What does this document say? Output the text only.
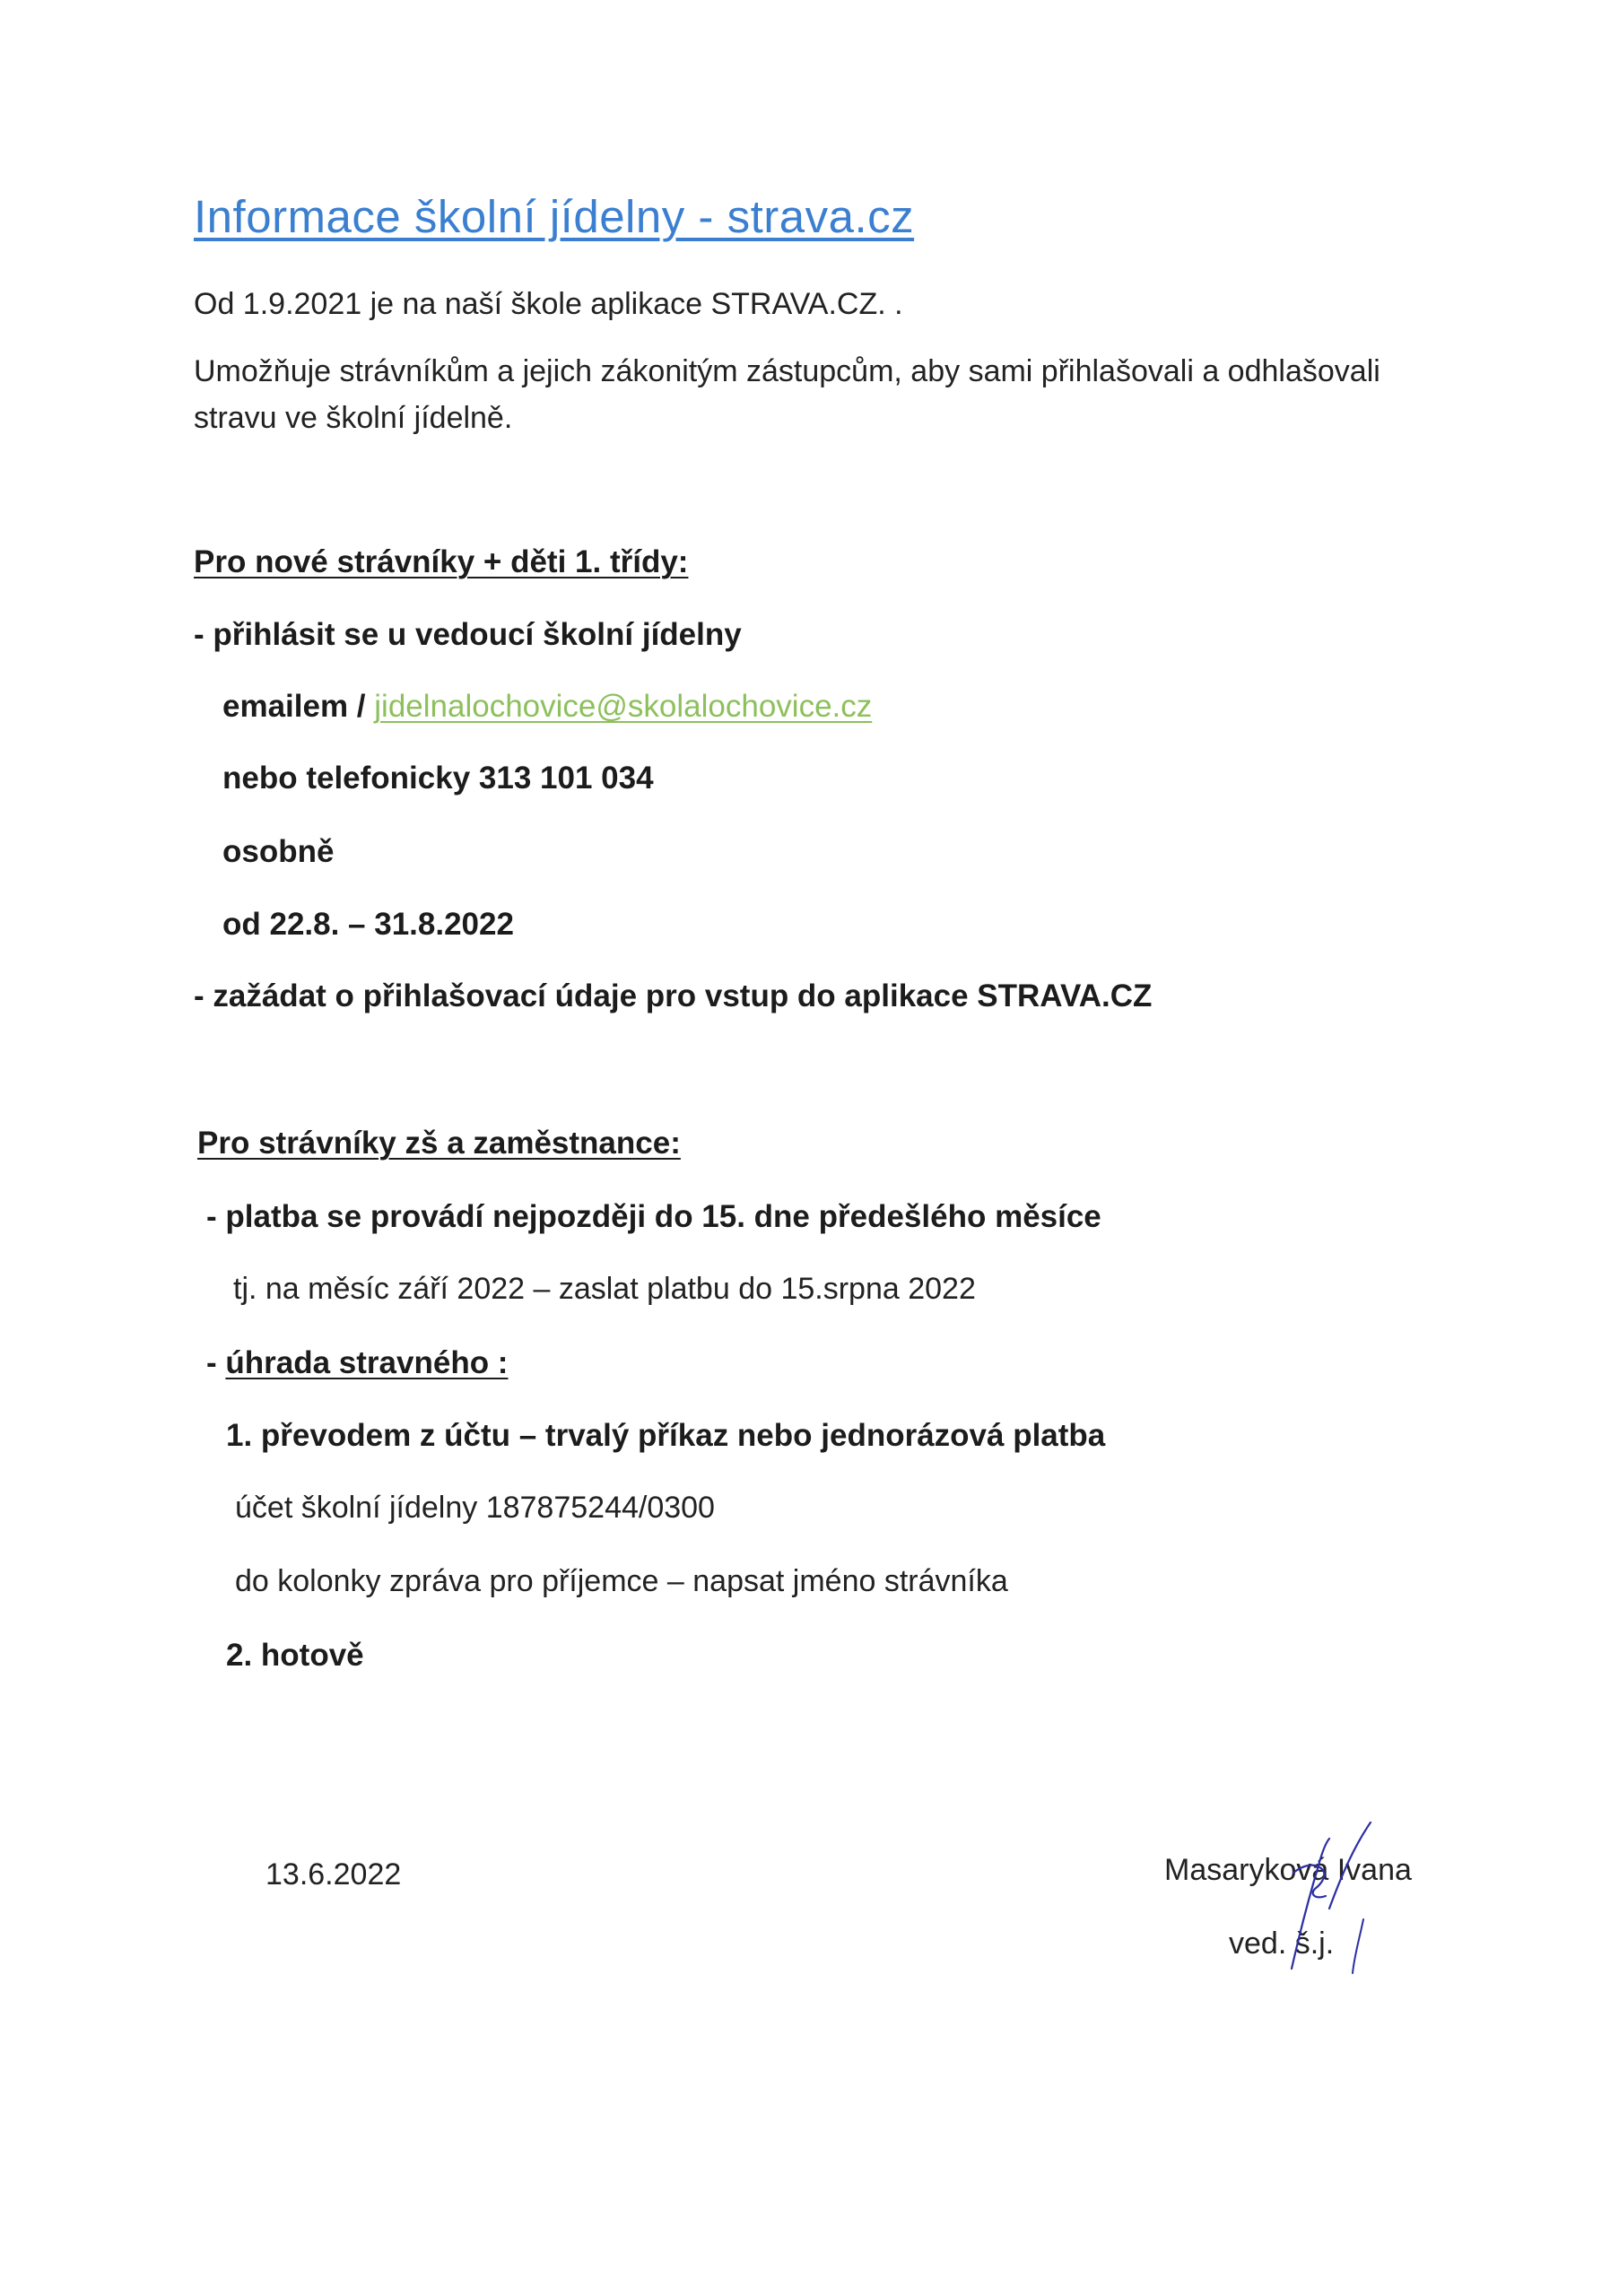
Informace školní jídelny - strava.cz
Od 1.9.2021 je na naší škole aplikace STRAVA.CZ. .
Umožňuje strávníkům a jejich zákonitým zástupcům, aby sami přihlašovali a odhlašovali
stravu ve školní jídelně.
Pro nové strávníky + děti 1. třídy:
- přihlásit se u vedoucí školní jídelny
emailem / jidelnalochovice@skolalochovice.cz
nebo telefonicky 313 101 034
osobně
od 22.8. – 31.8.2022
- zažádat o přihlašovací údaje pro vstup do aplikace STRAVA.CZ
Pro strávníky zš a zaměstnance:
- platba se provádí nejpozději do 15. dne předešlého měsíce
tj. na měsíc září 2022 – zaslat platbu do 15.srpna 2022
- úhrada stravného :
1. převodem z účtu – trvalý příkaz nebo jednorázová platba
účet školní jídelny 187875244/0300
do kolonky zpráva pro příjemce – napsat jméno strávníka
2. hotově
13.6.2022	Masaryková Ivana
ved. š.j.
